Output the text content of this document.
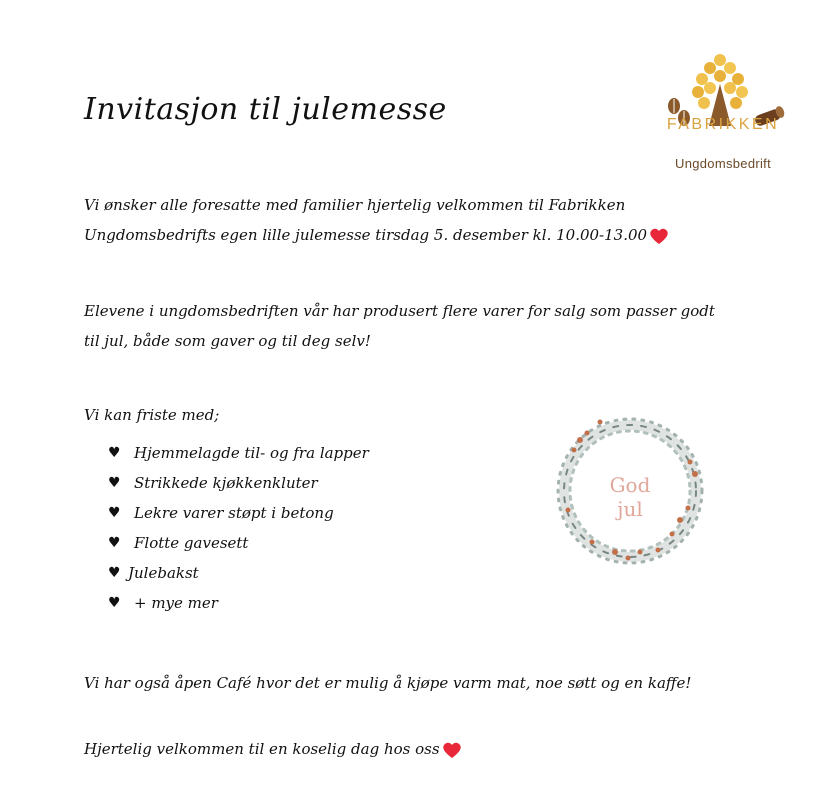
FABRIKKEN
Ungdomsbedrift
Invitasjon til julemesse

Vi ønsker alle foresatte med familier hjertelig velkommen til Fabrikken Ungdomsbedrifts egen lille julemesse tirsdag 5. desember kl. 10.00-13.00

Elevene i ungdomsbedriften vår har produsert flere varer for salg som passer godt til jul, både som gaver og til deg selv!

Vi kan friste med;

♥ Hjemmelagde til- og fra lapper
♥ Strikkede kjøkkenkluter
♥ Lekre varer støpt i betong
♥ Flotte gavesett
♥ Julebakst
♥ + mye mer
God
jul

Vi har også åpen Café hvor det er mulig å kjøpe varm mat, noe søtt og en kaffe!

Hjertelig velkommen til en koselig dag hos oss
